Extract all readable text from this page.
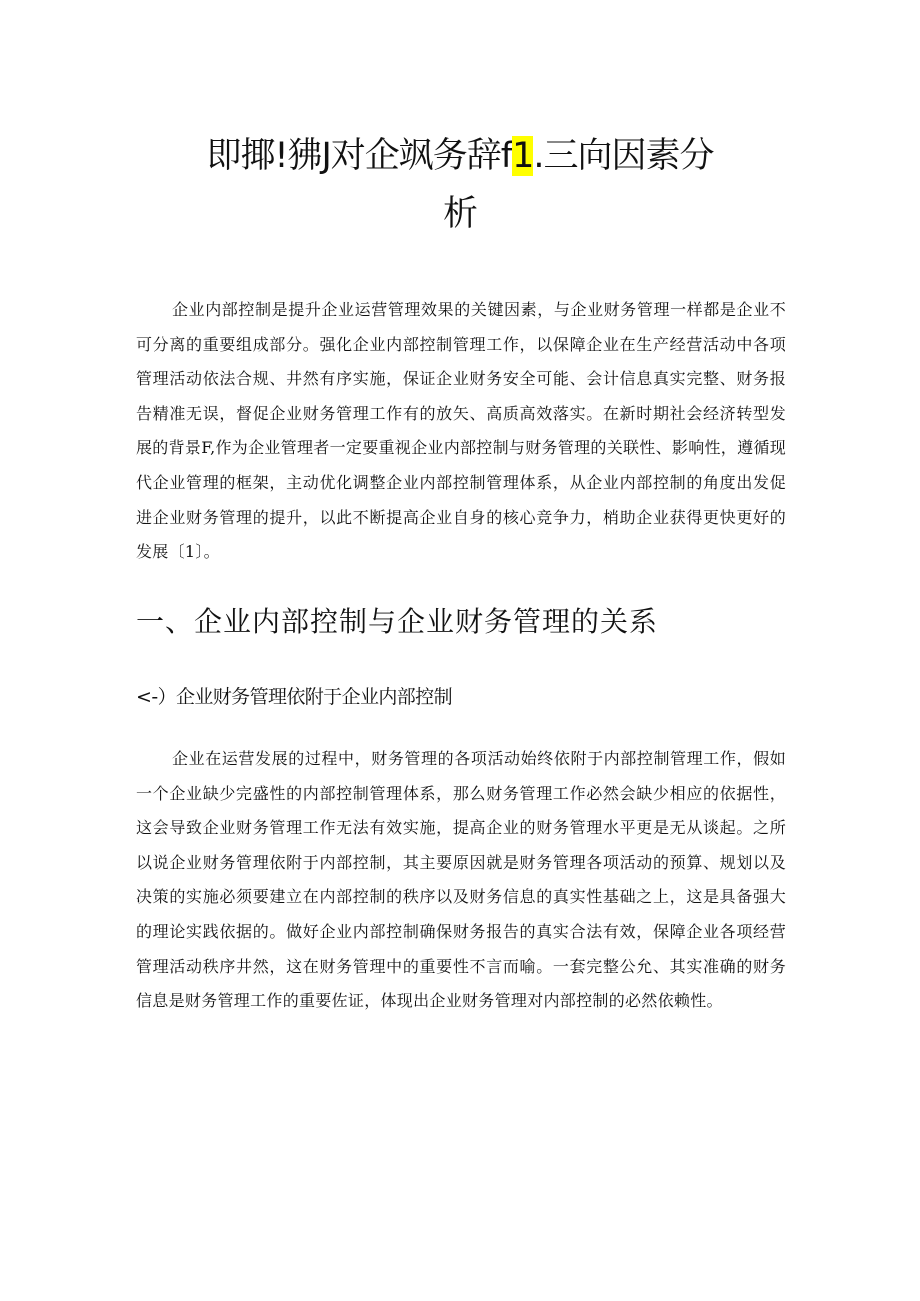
即揶!狒J对企飒务辞f1.三向因素分
析

企业内部控制是提升企业运营管理效果的关键因素，与企业财务管理一样都是企业不可分离的重要组成部分。强化企业内部控制管理工作，以保障企业在生产经营活动中各项管理活动依法合规、井然有序实施，保证企业财务安全可能、会计信息真实完整、财务报告精准无误，督促企业财务管理工作有的放矢、高质高效落实。在新时期社会经济转型发展的背景F,作为企业管理者一定要重视企业内部控制与财务管理的关联性、影响性，遵循现代企业管理的框架，主动优化调整企业内部控制管理体系，从企业内部控制的角度出发促进企业财务管理的提升，以此不断提高企业自身的核心竞争力，梢助企业获得更快更好的发展〔1〕。

一、企业内部控制与企业财务管理的关系
<-）企业财务管理依附于企业内部控制

企业在运营发展的过程中，财务管理的各项活动始终依附于内部控制管理工作，假如一个企业缺少完盛性的内部控制管理体系，那么财务管理工作必然会缺少相应的依据性，这会导致企业财务管理工作无法有效实施，提高企业的财务管理水平更是无从谈起。之所以说企业财务管理依附于内部控制，其主要原因就是财务管理各项活动的预算、规划以及决策的实施必须要建立在内部控制的秩序以及财务信息的真实性基础之上，这是具备强大的理论实践依据的。做好企业内部控制确保财务报告的真实合法有效，保障企业各项经营管理活动秩序井然，这在财务管理中的重要性不言而喻。一套完整公允、其实准确的财务信息是财务管理工作的重要佐证，体现出企业财务管理对内部控制的必然依赖性。
